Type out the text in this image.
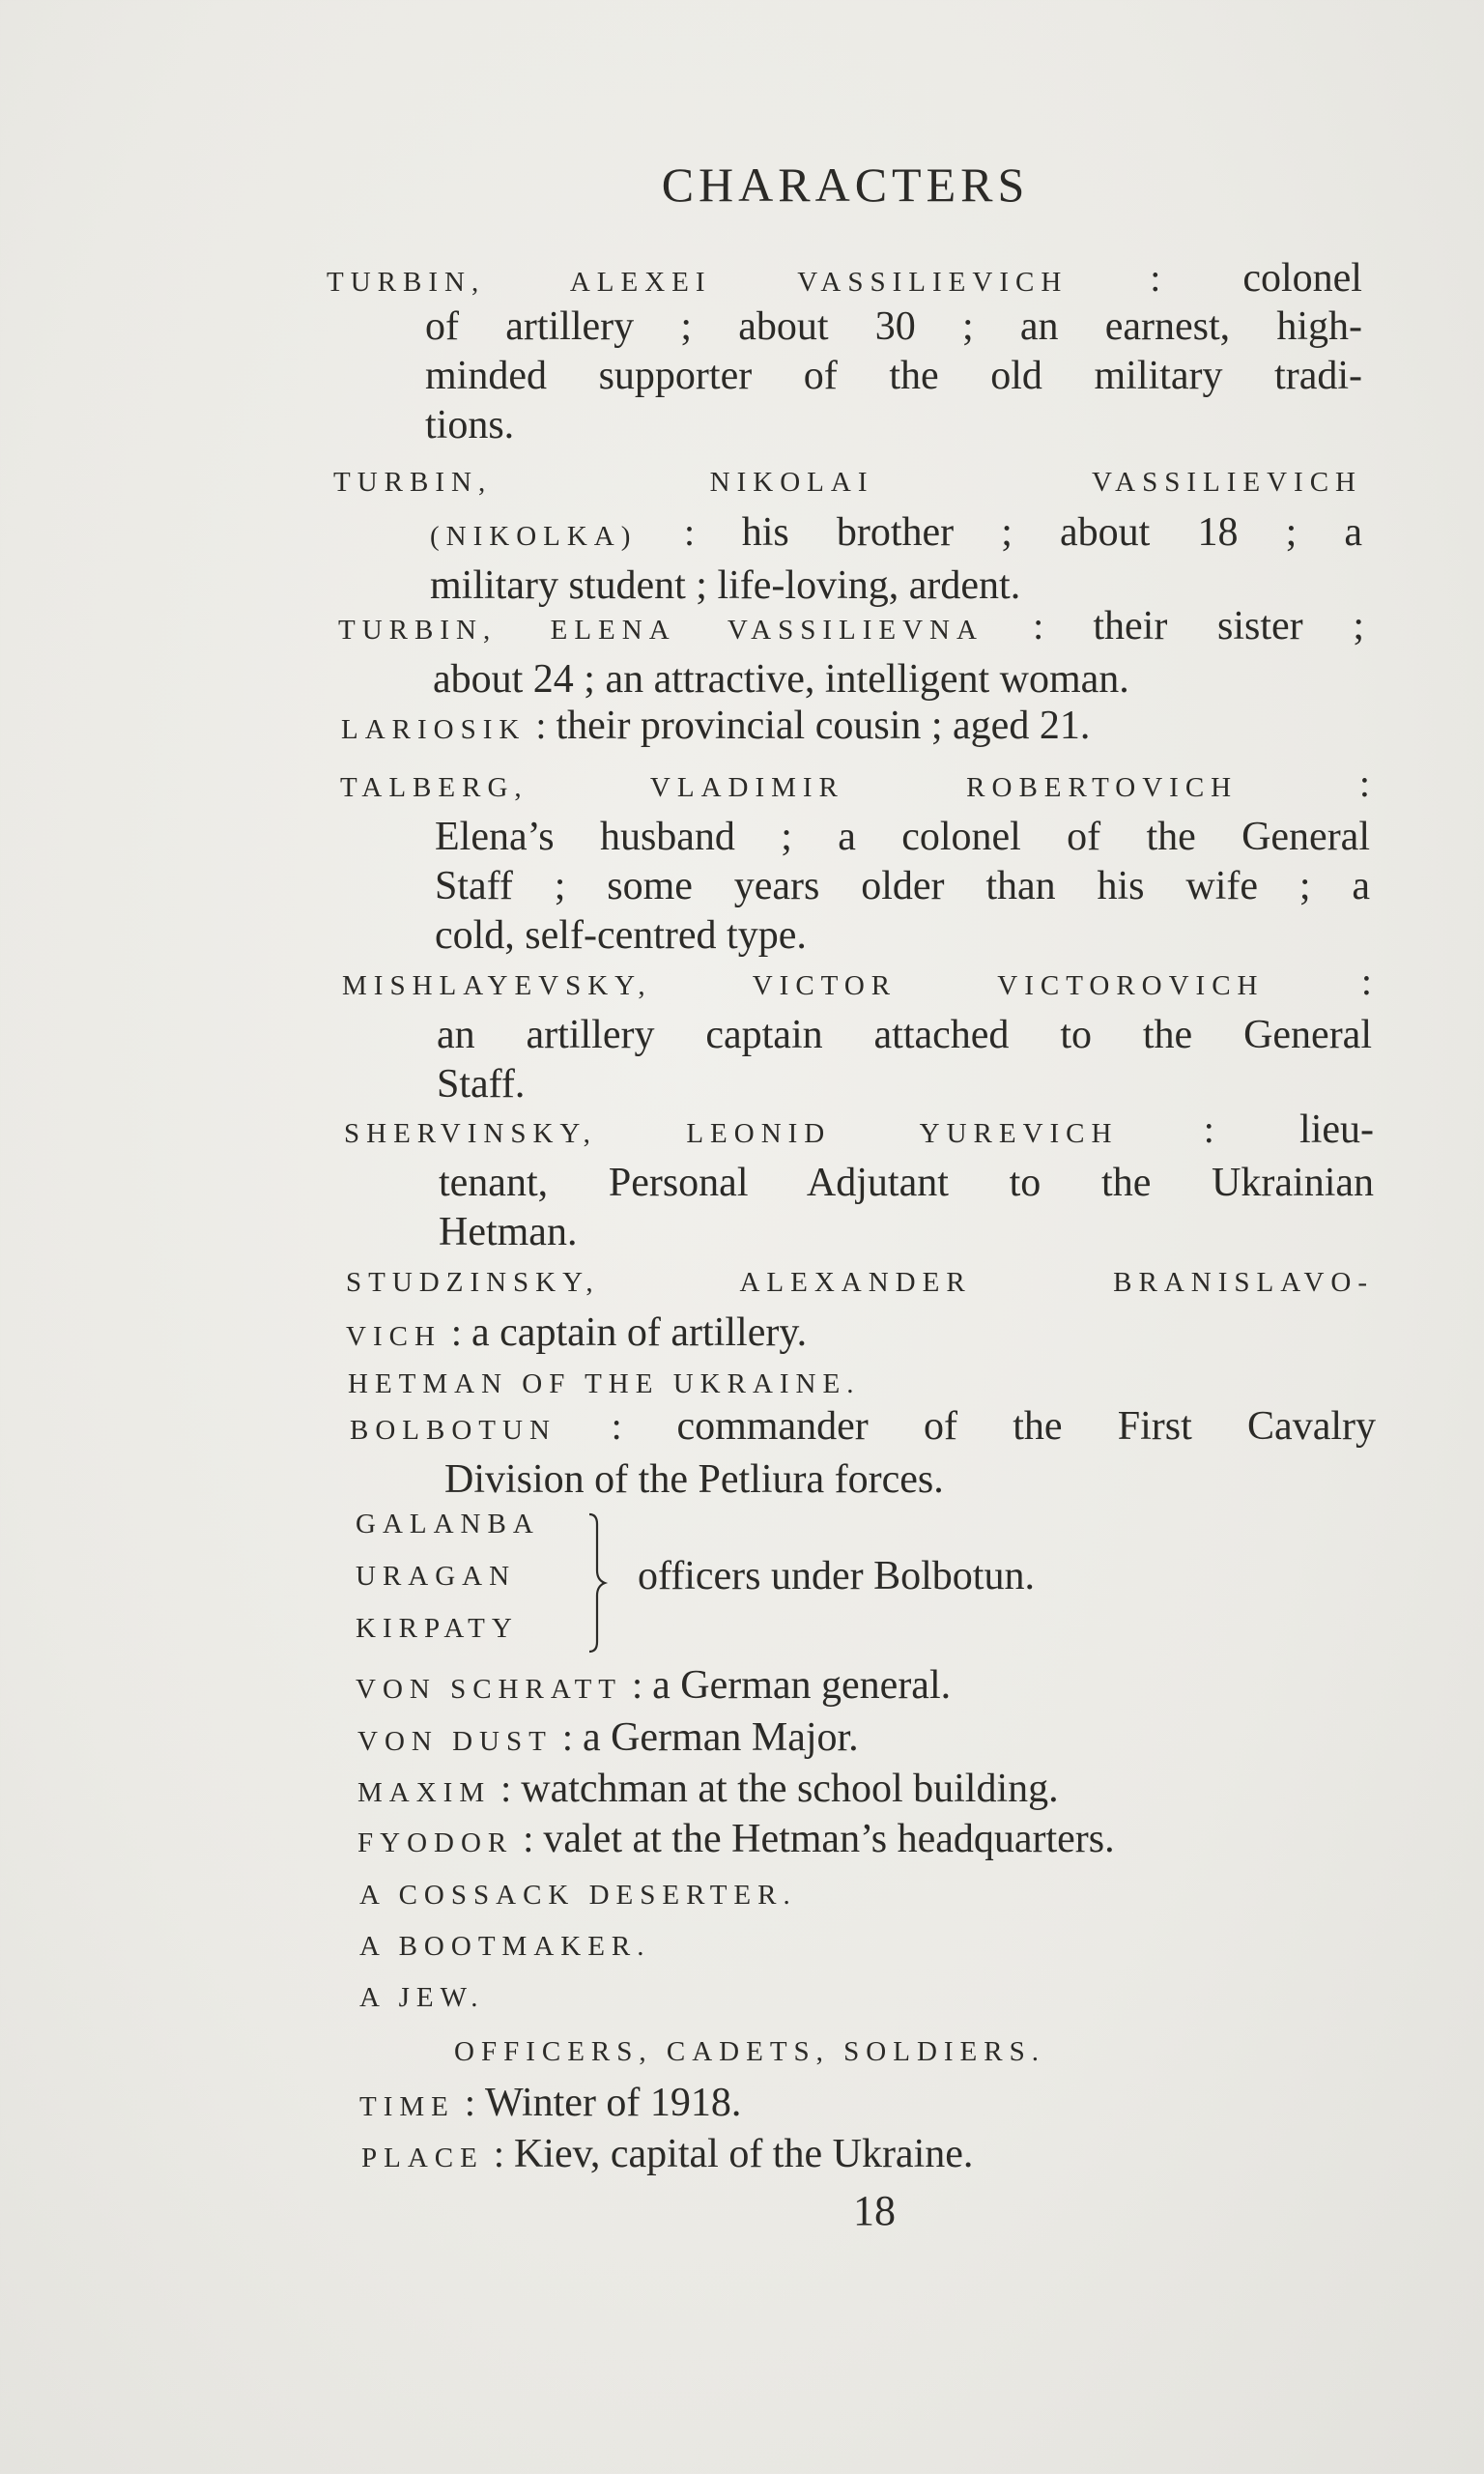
CHARACTERS
TURBIN, ALEXEI VASSILIEVICH : colonel
of artillery ; about 30 ; an earnest, high-
minded supporter of the old military tradi-
tions.
TURBIN,	NIKOLAI	VASSILIEVICH
(NIKOLKA) : his brother ; about 18 ; a
military student ; life-loving, ardent.
TURBIN, ELENA VASSILIEVNA : their sister ;
about 24 ; an attractive, intelligent woman.
LARIOSIK : their provincial cousin ; aged 21.
TALBERG,	VLADIMIR	ROBERTOVICH :
Elena’s husband ; a colonel of the General
Staff ; some years older than his wife ; a
cold, self-centred type.
MISHLAYEVSKY, VICTOR VICTOROVICH :
an artillery captain attached to the General
Staff.
SHERVINSKY, LEONID YUREVICH : lieu-
tenant, Personal Adjutant to the Ukrainian
Hetman.
STUDZINSKY, ALEXANDER BRANISLAVO-
VICH : a captain of artillery.
HETMAN OF THE UKRAINE.
BOLBOTUN : commander of the First Cavalry
Division of the Petliura forces.
GALANBA
URAGAN
KIRPATY
officers under Bolbotun.
VON SCHRATT : a German general.
VON DUST : a German Major.
MAXIM : watchman at the school building.
FYODOR : valet at the Hetman’s headquarters.
A COSSACK DESERTER.
A BOOTMAKER.
A JEW.
OFFICERS, CADETS, SOLDIERS.
TIME : Winter of 1918.
PLACE : Kiev, capital of the Ukraine.
18
